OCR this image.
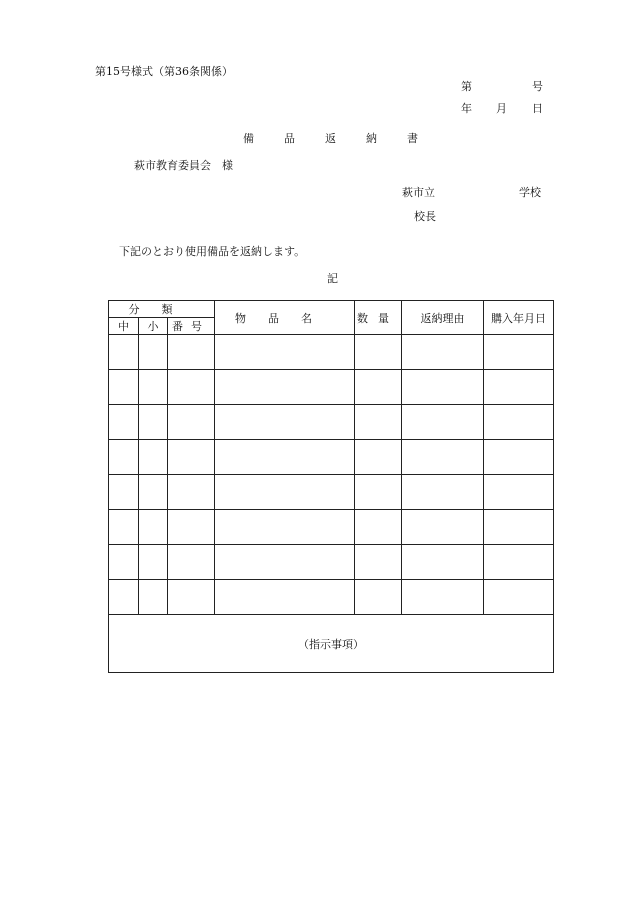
第15号様式（第36条関係）
第	号
年 月 日
備品返納書
萩市教育委員会　様
萩市立	学校
校長
下記のとおり使用備品を返納します。
記
分類			物品名	数量	返納理由	購入年月日
中	小	番号				

（指示事項）						
